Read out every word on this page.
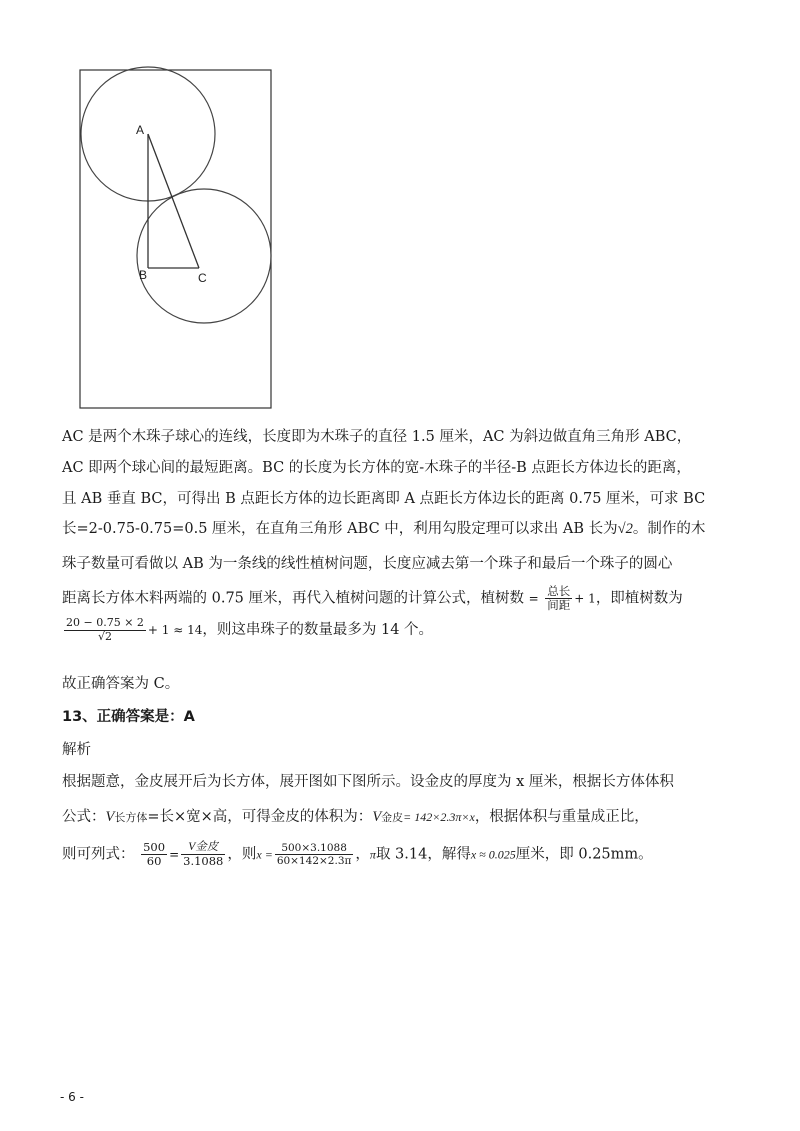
A
B	C
AC 是两个木珠子球心的连线，长度即为木珠子的直径 1.5 厘米，AC 为斜边做直角三角形 ABC，
AC 即两个球心间的最短距离。BC 的长度为长方体的宽-木珠子的半径-B 点距长方体边长的距离，
且 AB 垂直 BC，可得出 B 点距长方体的边长距离即 A 点距长方体边长的距离 0.75 厘米，可求 BC
长=2-0.75-0.75=0.5 厘米，在直角三角形 ABC 中，利用勾股定理可以求出 AB 长为√2。制作的木
珠子数量可看做以 AB 为一条线的线性植树问题，长度应减去第一个珠子和最后一个珠子的圆心
距离长方体木料两端的 0.75 厘米，再代入植树问题的计算公式，植树数 = $\frac{\text{总长}}{\text{间距}} + 1$，即植树数为
$\frac{20 - 0.75 \times 2}{√2} + 1 \approx 14$，则这串珠子的数量最多为 14 个。
故正确答案为 C。
13、正确答案是：A
解析
根据题意，金皮展开后为长方体，展开图如下图所示。设金皮的厚度为 x 厘米，根据长方体体积
公式：V长方体=长×宽×高，可得金皮的体积为：V金皮= 142×2.3π×x，根据体积与重量成正比，
则可列式： $\frac{500}{60} = \frac{\text{V金皮}}{3.1088}$ ，则$x = \frac{500\times 3.1088}{60\times 142\times 2.3\pi}$ ，π取 3.14，解得x ≈ 0.025厘米，即 0.25mm。
- 6 -
